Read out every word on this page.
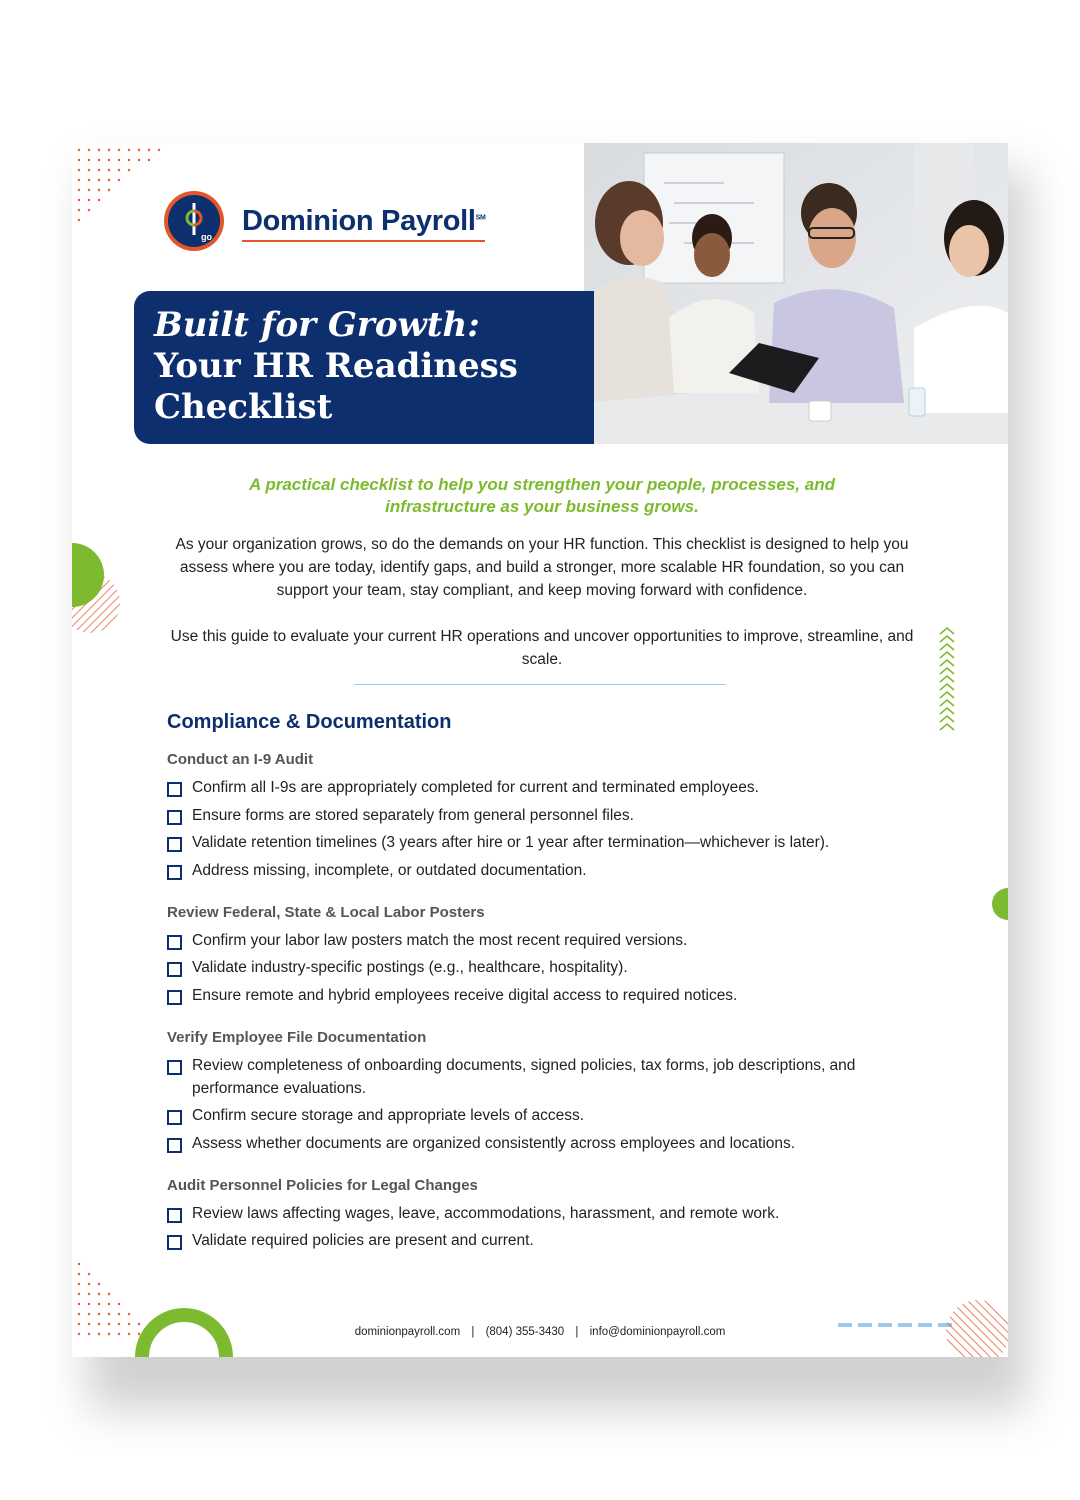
go Dominion Payroll℠
Built for Growth:
Your HR Readiness
Checklist
A practical checklist to help you strengthen your people, processes, and infrastructure as your business grows.

As your organization grows, so do the demands on your HR function. This checklist is designed to help you assess where you are today, identify gaps, and build a stronger, more scalable HR foundation, so you can support your team, stay compliant, and keep moving forward with confidence.

Use this guide to evaluate your current HR operations and uncover opportunities to improve, streamline, and scale.

Compliance & Documentation
Conduct an I-9 Audit
Confirm all I-9s are appropriately completed for current and terminated employees.
Ensure forms are stored separately from general personnel files.
Validate retention timelines (3 years after hire or 1 year after termination—whichever is later).
Address missing, incomplete, or outdated documentation.
Review Federal, State & Local Labor Posters
Confirm your labor law posters match the most recent required versions.
Validate industry-specific postings (e.g., healthcare, hospitality).
Ensure remote and hybrid employees receive digital access to required notices.
Verify Employee File Documentation
Review completeness of onboarding documents, signed policies, tax forms, job descriptions, and performance evaluations.
Confirm secure storage and appropriate levels of access.
Assess whether documents are organized consistently across employees and locations.
Audit Personnel Policies for Legal Changes
Review laws affecting wages, leave, accommodations, harassment, and remote work.
Validate required policies are present and current.
dominionpayroll.com | (804) 355-3430 | info@dominionpayroll.com
